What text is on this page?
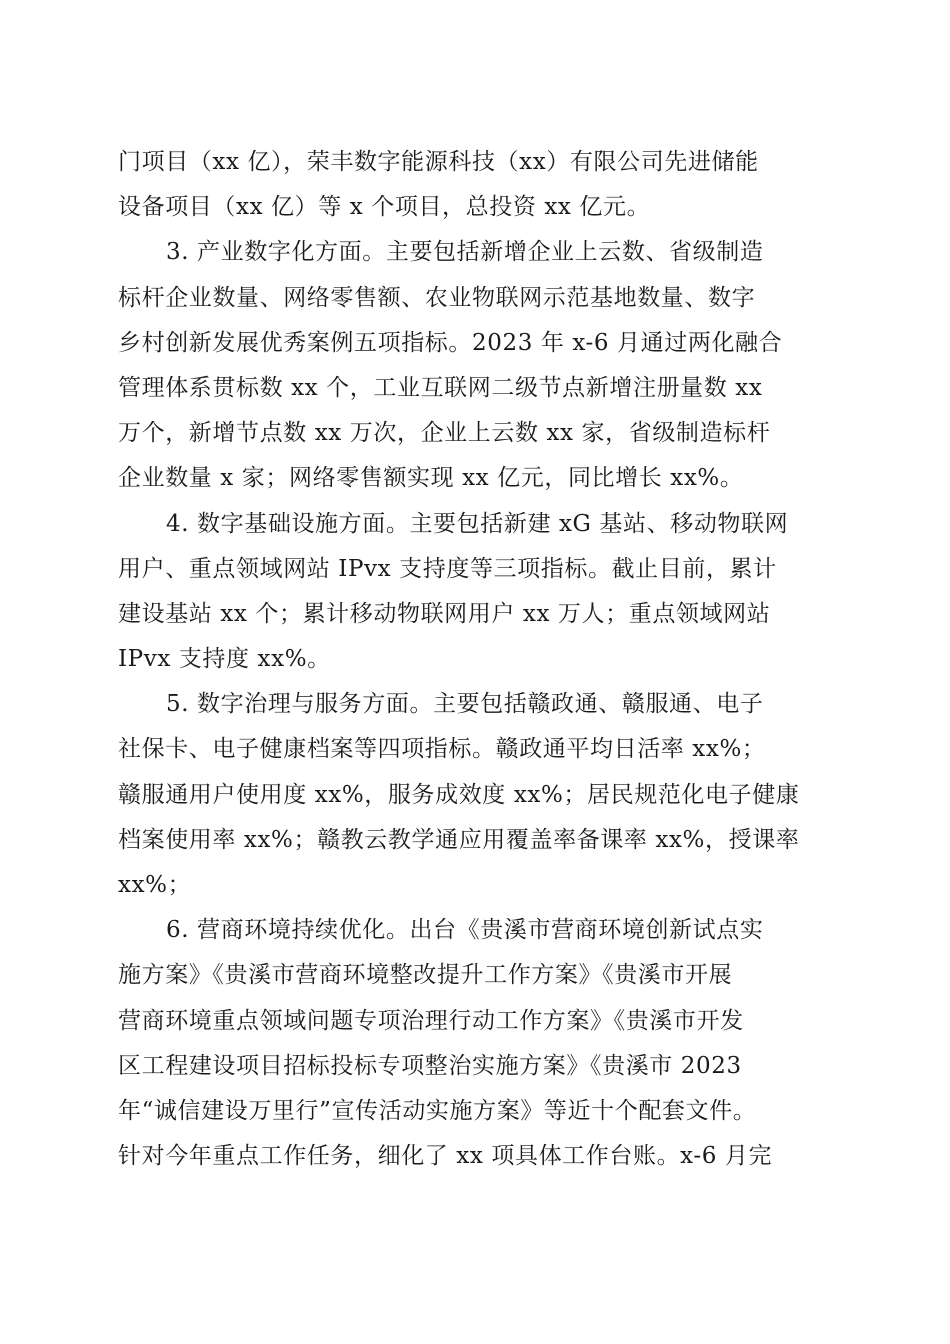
门项目（xx 亿），荣丰数字能源科技（xx）有限公司先进储能
设备项目（xx 亿）等 x 个项目，总投资 xx 亿元。
3. 产业数字化方面。主要包括新增企业上云数、省级制造
标杆企业数量、网络零售额、农业物联网示范基地数量、数字
乡村创新发展优秀案例五项指标。2023 年 x-6 月通过两化融合
管理体系贯标数 xx 个，工业互联网二级节点新增注册量数 xx
万个，新增节点数 xx 万次，企业上云数 xx 家，省级制造标杆
企业数量 x 家；网络零售额实现 xx 亿元，同比增长 xx%。
4. 数字基础设施方面。主要包括新建 xG 基站、移动物联网
用户、重点领域网站 IPvx 支持度等三项指标。截止目前，累计
建设基站 xx 个；累计移动物联网用户 xx 万人；重点领域网站
IPvx 支持度 xx%。
5. 数字治理与服务方面。主要包括赣政通、赣服通、电子
社保卡、电子健康档案等四项指标。赣政通平均日活率 xx%；
赣服通用户使用度 xx%，服务成效度 xx%；居民规范化电子健康
档案使用率 xx%；赣教云教学通应用覆盖率备课率 xx%，授课率
xx%；
6. 营商环境持续优化。出台《贵溪市营商环境创新试点实
施方案》《贵溪市营商环境整改提升工作方案》《贵溪市开展
营商环境重点领域问题专项治理行动工作方案》《贵溪市开发
区工程建设项目招标投标专项整治实施方案》《贵溪市 2023
年“诚信建设万里行”宣传活动实施方案》等近十个配套文件。
针对今年重点工作任务，细化了 xx 项具体工作台账。x-6 月完
